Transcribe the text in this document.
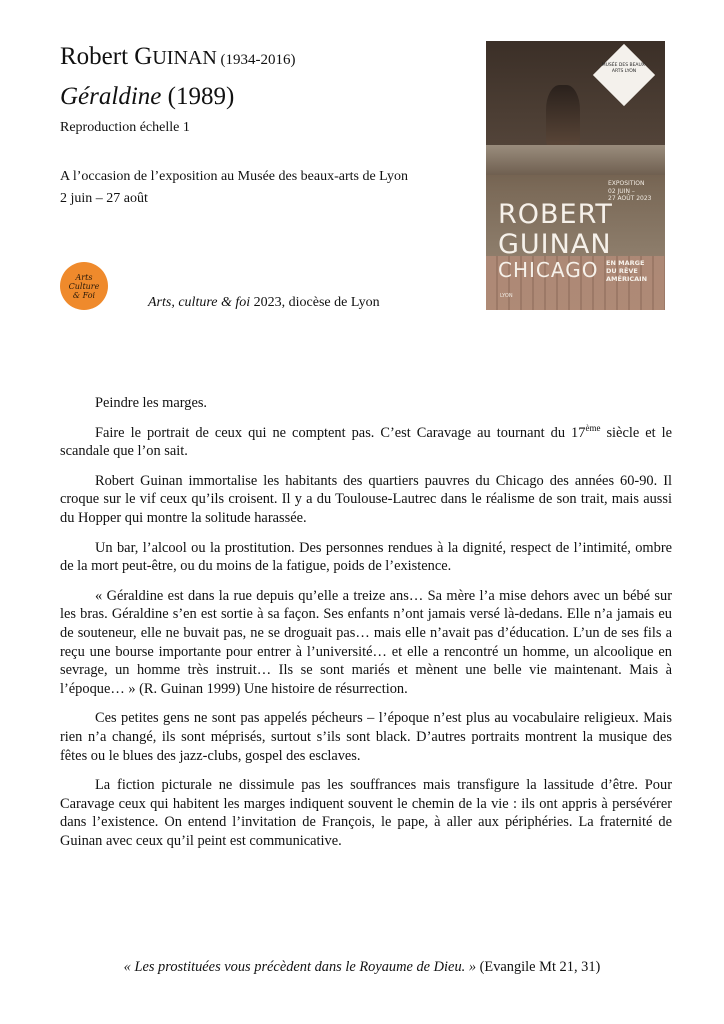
Robert GUINAN (1934-2016)
Géraldine (1989)
Reproduction échelle 1
A l’occasion de l’exposition au Musée des beaux-arts de Lyon
2 juin – 27 août
Arts
Culture
& Foi	Arts, culture & foi 2023, diocèse de Lyon
MUSÉE DES BEAUX-ARTS LYON
EXPOSITION
02 JUIN –
27 AOÛT 2023
ROBERT
GUINAN
CHICAGO EN MARGE
DU RÊVE
AMÉRICAIN
LYON

Peindre les marges.

Faire le portrait de ceux qui ne comptent pas. C’est Caravage au tournant du 17ème siècle et le scandale que l’on sait.

Robert Guinan immortalise les habitants des quartiers pauvres du Chicago des années 60-90. Il croque sur le vif ceux qu’ils croisent. Il y a du Toulouse-Lautrec dans le réalisme de son trait, mais aussi du Hopper qui montre la solitude harassée.

Un bar, l’alcool ou la prostitution. Des personnes rendues à la dignité, respect de l’intimité, ombre de la mort peut-être, ou du moins de la fatigue, poids de l’existence.

« Géraldine est dans la rue depuis qu’elle a treize ans… Sa mère l’a mise dehors avec un bébé sur les bras. Géraldine s’en est sortie à sa façon. Ses enfants n’ont jamais versé là-dedans. Elle n’a jamais eu de souteneur, elle ne buvait pas, ne se droguait pas… mais elle n’avait pas d’éducation. L’un de ses fils a reçu une bourse importante pour entrer à l’université… et elle a rencontré un homme, un alcoolique en sevrage, un homme très instruit… Ils se sont mariés et mènent une belle vie maintenant. Mais à l’époque… » (R. Guinan 1999) Une histoire de résurrection.

Ces petites gens ne sont pas appelés pécheurs – l’époque n’est plus au vocabulaire religieux. Mais rien n’a changé, ils sont méprisés, surtout s’ils sont black. D’autres portraits montrent la musique des fêtes ou le blues des jazz-clubs, gospel des esclaves.

La fiction picturale ne dissimule pas les souffrances mais transfigure la lassitude d’être. Pour Caravage ceux qui habitent les marges indiquent souvent le chemin de la vie : ils ont appris à persévérer dans l’existence. On entend l’invitation de François, le pape, à aller aux périphéries. La fraternité de Guinan avec ceux qu’il peint est communicative.

« Les prostituées vous précèdent dans le Royaume de Dieu. » (Evangile Mt 21, 31)
